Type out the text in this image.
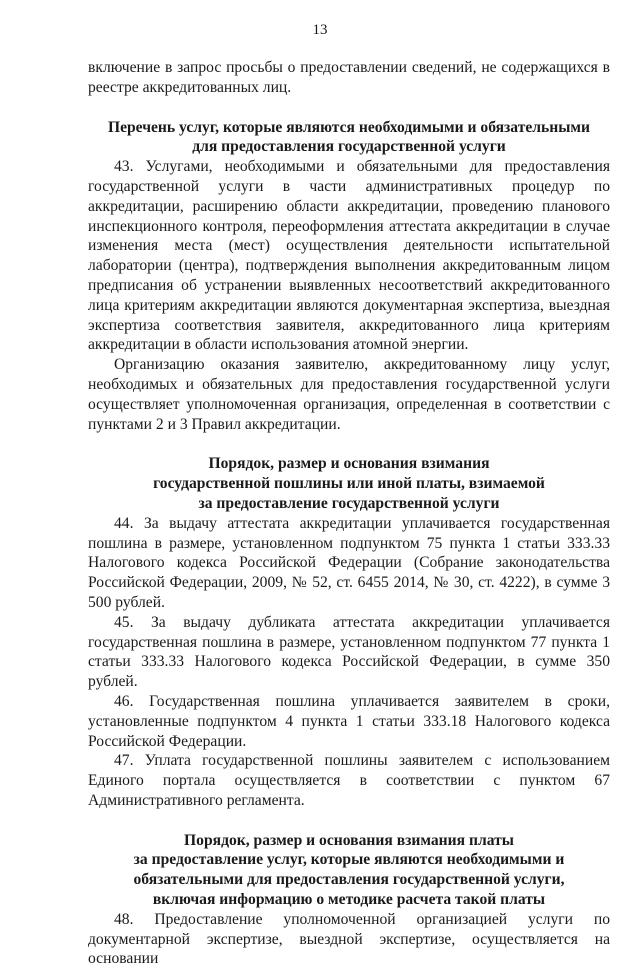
13

включение в запрос просьбы о предоставлении сведений, не содержащихся в реестре аккредитованных лиц.

Перечень услуг, которые являются необходимыми и обязательными
для предоставления государственной услуги

43. Услугами, необходимыми и обязательными для предоставления государственной услуги в части административных процедур по аккредитации, расширению области аккредитации, проведению планового инспекционного контроля, переоформления аттестата аккредитации в случае изменения места (мест) осуществления деятельности испытательной лаборатории (центра), подтверждения выполнения аккредитованным лицом предписания об устранении выявленных несоответствий аккредитованного лица критериям аккредитации являются документарная экспертиза, выездная экспертиза соответствия заявителя, аккредитованного лица критериям аккредитации в области использования атомной энергии.

Организацию оказания заявителю, аккредитованному лицу услуг, необходимых и обязательных для предоставления государственной услуги осуществляет уполномоченная организация, определенная в соответствии с пунктами 2 и 3 Правил аккредитации.

Порядок, размер и основания взимания
государственной пошлины или иной платы, взимаемой
за предоставление государственной услуги

44. За выдачу аттестата аккредитации уплачивается государственная пошлина в размере, установленном подпунктом 75 пункта 1 статьи 333.33 Налогового кодекса Российской Федерации (Собрание законодательства Российской Федерации, 2009, № 52, ст. 6455 2014, № 30, ст. 4222), в сумме 3 500 рублей.

45. За выдачу дубликата аттестата аккредитации уплачивается государственная пошлина в размере, установленном подпунктом 77 пункта 1 статьи 333.33 Налогового кодекса Российской Федерации, в сумме 350 рублей.

46. Государственная пошлина уплачивается заявителем в сроки, установленные подпунктом 4 пункта 1 статьи 333.18 Налогового кодекса Российской Федерации.

47. Уплата государственной пошлины заявителем с использованием Единого портала осуществляется в соответствии с пунктом 67 Административного регламента.

Порядок, размер и основания взимания платы
за предоставление услуг, которые являются необходимыми и
обязательными для предоставления государственной услуги,
включая информацию о методике расчета такой платы

48. Предоставление уполномоченной организацией услуги по документарной экспертизе, выездной экспертизе, осуществляется на основании
